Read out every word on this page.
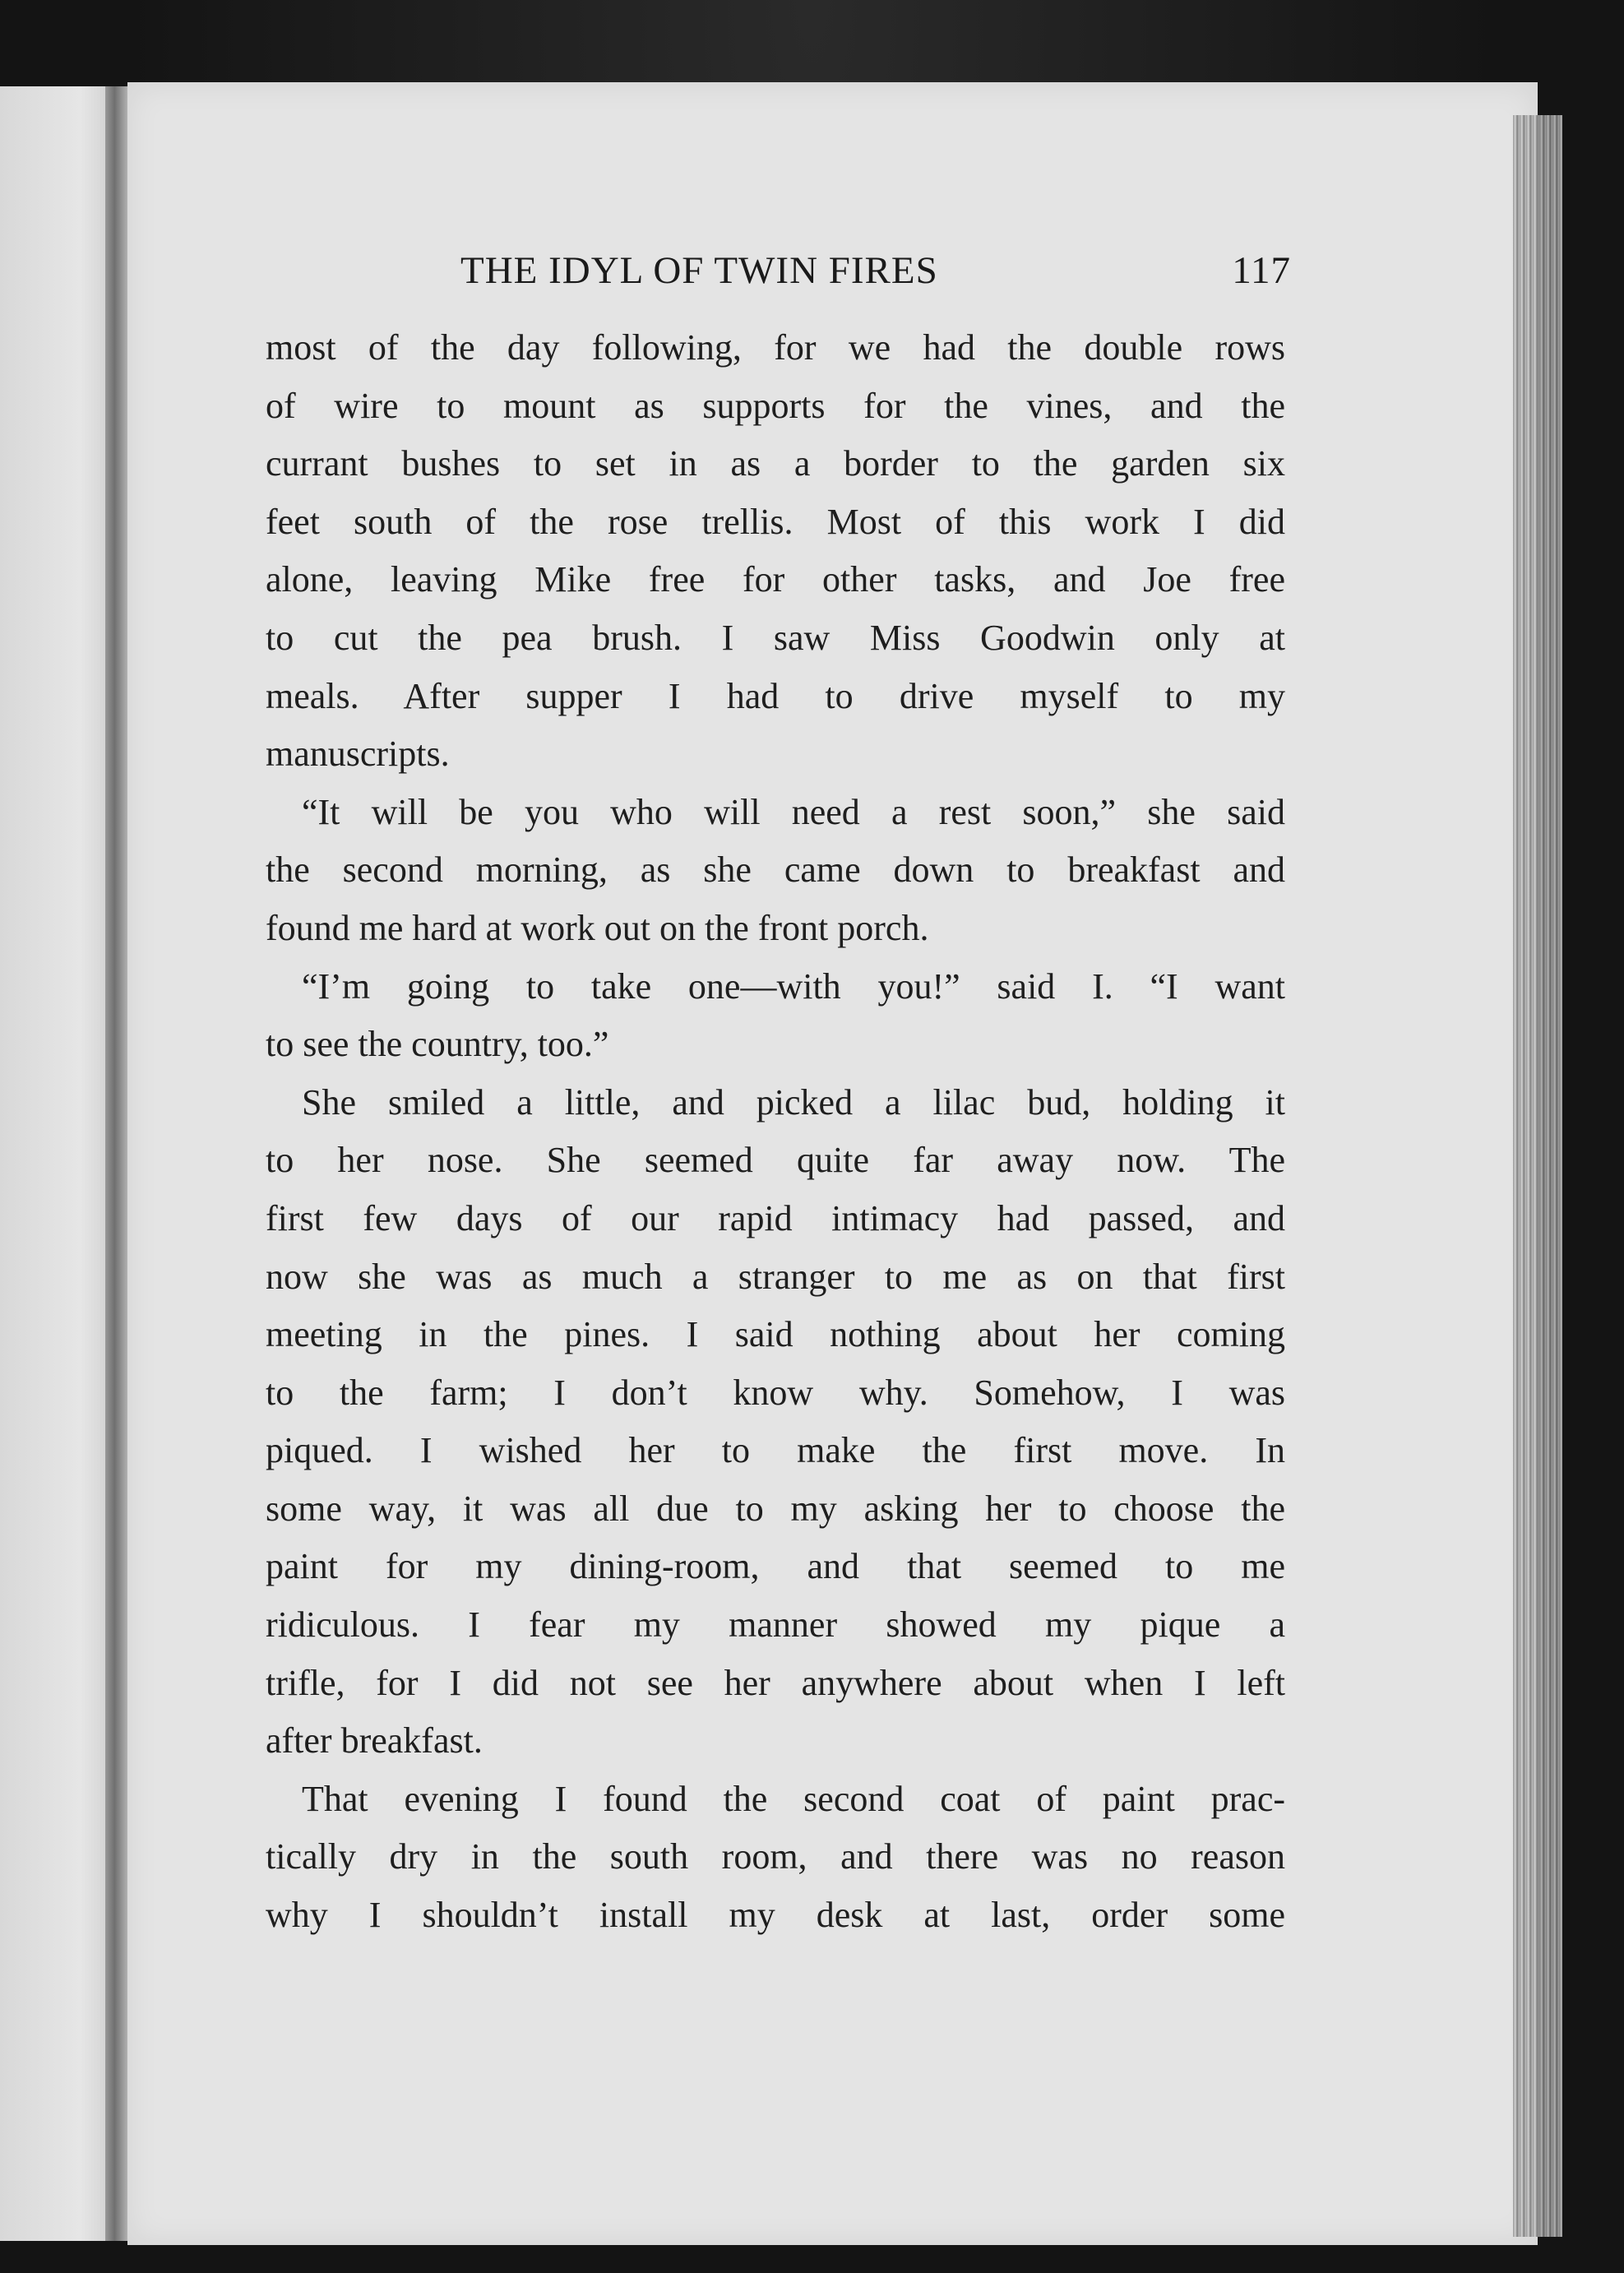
THE IDYL OF TWIN FIRES	117
most of the day following, for we had the double rows
of wire to mount as supports for the vines, and the
currant bushes to set in as a border to the garden six
feet south of the rose trellis. Most of this work I did
alone, leaving Mike free for other tasks, and Joe free
to cut the pea brush. I saw Miss Goodwin only at
meals. After supper I had to drive myself to my
manuscripts.
“It will be you who will need a rest soon,” she said
the second morning, as she came down to breakfast and
found me hard at work out on the front porch.
“I’m going to take one—with you!” said I. “I want
to see the country, too.”
She smiled a little, and picked a lilac bud, holding it
to her nose. She seemed quite far away now. The
first few days of our rapid intimacy had passed, and
now she was as much a stranger to me as on that first
meeting in the pines. I said nothing about her coming
to the farm; I don’t know why. Somehow, I was
piqued. I wished her to make the first move. In
some way, it was all due to my asking her to choose the
paint for my dining-room, and that seemed to me
ridiculous. I fear my manner showed my pique a
trifle, for I did not see her anywhere about when I left
after breakfast.
That evening I found the second coat of paint prac-
tically dry in the south room, and there was no reason
why I shouldn’t install my desk at last, order some
